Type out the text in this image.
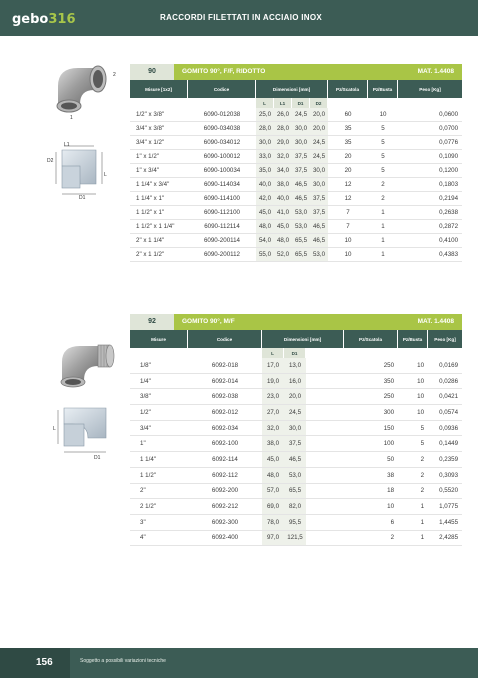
gebo316	RACCORDI FILETTATI IN ACCIAIO INOX
2
1
L1
D2
L
D1
90	GOMITO 90°, F/F, RIDOTTO	MAT. 1.4408
Misure [1x2]	Codice	Dimensioni [mm]				Pz/Scatola	Pz/Busta	Peso [Kg]
		L	L1	D1	D2			
1/2" x 3/8"	6090-012038	25,0	26,0	24,5	20,0	60	10	0,0600
3/4" x 3/8"	6090-034038	28,0	28,0	30,0	20,0	35	5	0,0700
3/4" x 1/2"	6090-034012	30,0	29,0	30,0	24,5	35	5	0,0776
1" x 1/2"	6090-100012	33,0	32,0	37,5	24,5	20	5	0,1090
1" x 3/4"	6090-100034	35,0	34,0	37,5	30,0	20	5	0,1200
1 1/4" x 3/4"	6090-114034	40,0	38,0	46,5	30,0	12	2	0,1803
1 1/4" x 1"	6090-114100	42,0	40,0	46,5	37,5	12	2	0,2194
1 1/2" x 1"	6090-112100	45,0	41,0	53,0	37,5	7	1	0,2638
1 1/2" x 1 1/4"	6090-112114	48,0	45,0	53,0	46,5	7	1	0,2872
2" x 1 1/4"	6090-200114	54,0	48,0	65,5	46,5	10	1	0,4100
2" x 1 1/2"	6090-200112	55,0	52,0	65,5	53,0	10	1	0,4383
L
D1
92	GOMITO 90°, M/F	MAT. 1.4408
Misure	Codice	Dimensioni [mm]			Pz/Scatola	Pz/Busta	Peso [Kg]
		L	D1				
1/8"	6092-018	17,0	13,0		250	10	0,0169
1/4"	6092-014	19,0	16,0		350	10	0,0286
3/8"	6092-038	23,0	20,0		250	10	0,0421
1/2"	6092-012	27,0	24,5		300	10	0,0574
3/4"	6092-034	32,0	30,0		150	5	0,0936
1"	6092-100	38,0	37,5		100	5	0,1449
1 1/4"	6092-114	45,0	46,5		50	2	0,2359
1 1/2"	6092-112	48,0	53,0		38	2	0,3093
2"	6092-200	57,0	65,5		18	2	0,5520
2 1/2"	6092-212	69,0	82,0		10	1	1,0775
3"	6092-300	78,0	95,5		6	1	1,4455
4"	6092-400	97,0	121,5		2	1	2,4285
156	Soggetto a possibili variazioni tecniche
